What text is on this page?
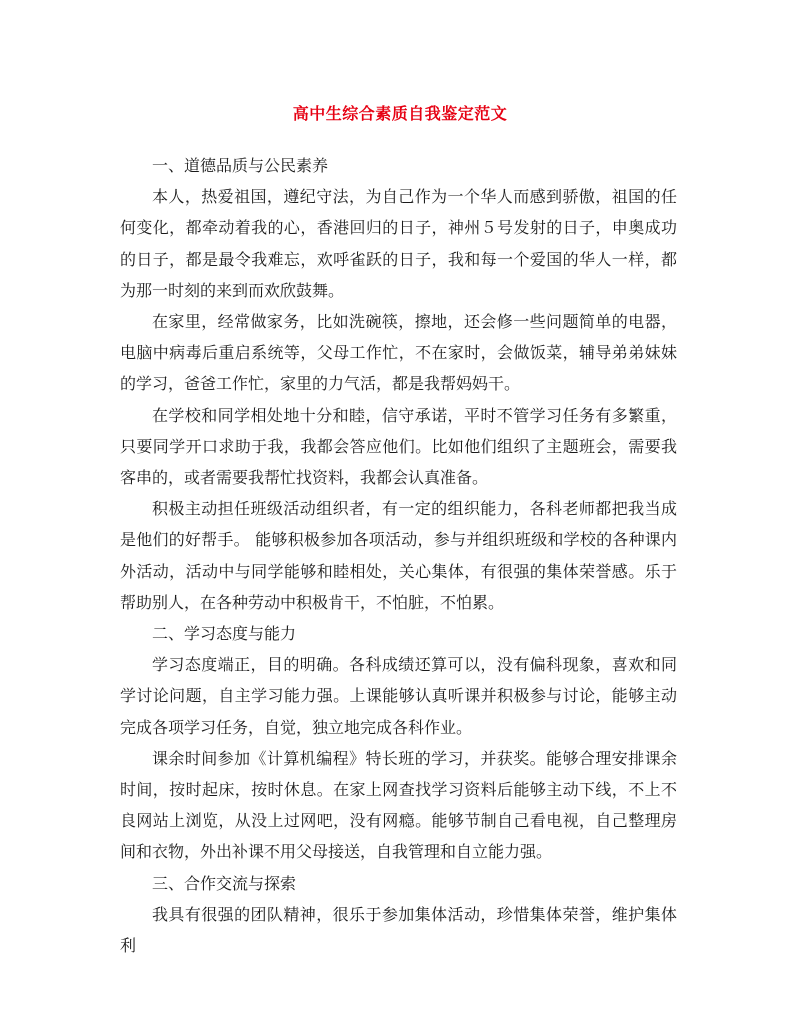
高中生综合素质自我鉴定范文

一、道德品质与公民素养

本人，热爱祖国，遵纪守法，为自己作为一个华人而感到骄傲，祖国的任何变化，都牵动着我的心，香港回归的日子，神州５号发射的日子，申奥成功的日子，都是最令我难忘，欢呼雀跃的日子，我和每一个爱国的华人一样，都为那一时刻的来到而欢欣鼓舞。

在家里，经常做家务，比如洗碗筷，擦地，还会修一些问题简单的电器，电脑中病毒后重启系统等，父母工作忙，不在家时，会做饭菜，辅导弟弟妹妹的学习，爸爸工作忙，家里的力气活，都是我帮妈妈干。

在学校和同学相处地十分和睦，信守承诺，平时不管学习任务有多繁重，只要同学开口求助于我，我都会答应他们。比如他们组织了主题班会，需要我客串的，或者需要我帮忙找资料，我都会认真准备。

积极主动担任班级活动组织者，有一定的组织能力，各科老师都把我当成是他们的好帮手。 能够积极参加各项活动，参与并组织班级和学校的各种课内外活动，活动中与同学能够和睦相处，关心集体，有很强的集体荣誉感。乐于帮助别人，在各种劳动中积极肯干，不怕脏，不怕累。

二、学习态度与能力

学习态度端正，目的明确。各科成绩还算可以，没有偏科现象，喜欢和同学讨论问题，自主学习能力强。上课能够认真听课并积极参与讨论，能够主动完成各项学习任务，自觉，独立地完成各科作业。

课余时间参加《计算机编程》特长班的学习，并获奖。能够合理安排课余时间，按时起床，按时休息。在家上网查找学习资料后能够主动下线，不上不良网站上浏览，从没上过网吧，没有网瘾。能够节制自己看电视，自己整理房间和衣物，外出补课不用父母接送，自我管理和自立能力强。

三、合作交流与探索

我具有很强的团队精神，很乐于参加集体活动，珍惜集体荣誉，维护集体利
